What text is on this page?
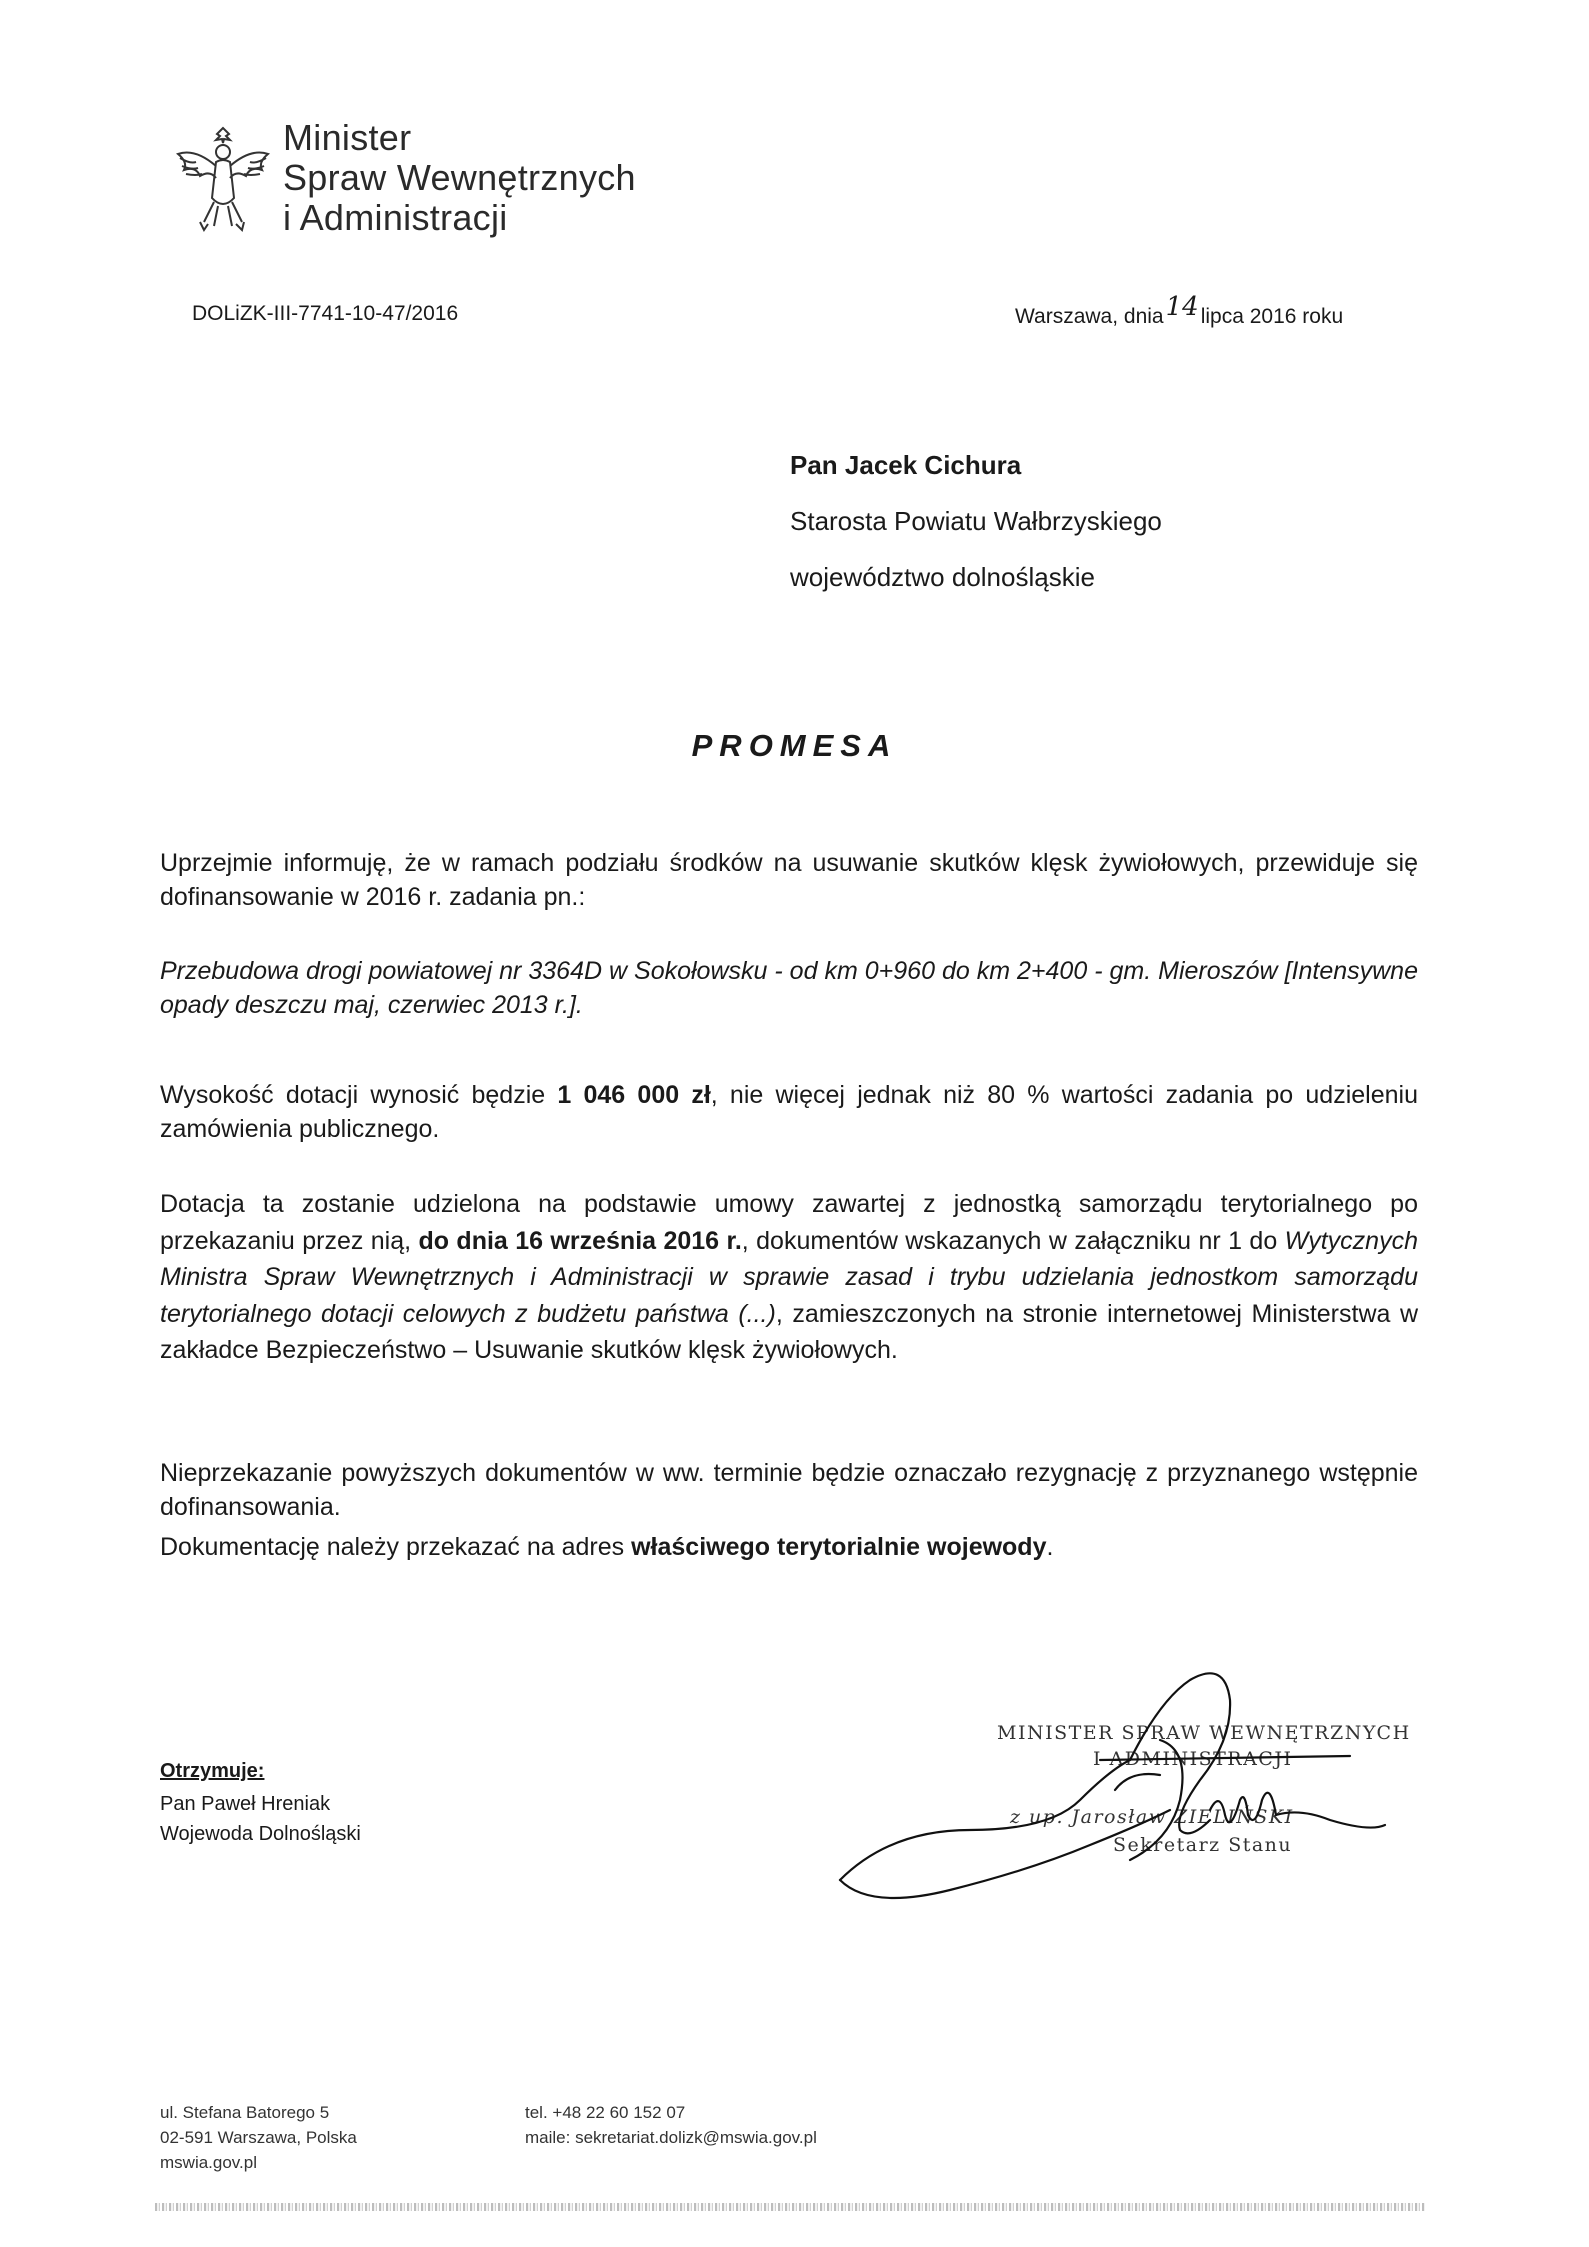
Minister
Spraw Wewnętrznych
i Administracji
DOLiZK-III-7741-10-47/2016	Warszawa, dnia14lipca 2016 roku
Pan Jacek Cichura
Starosta Powiatu Wałbrzyskiego
województwo dolnośląskie
PROMESA
Uprzejmie informuję, że w ramach podziału środków na usuwanie skutków klęsk żywiołowych, przewiduje się dofinansowanie w 2016 r. zadania pn.:
Przebudowa drogi powiatowej nr 3364D w Sokołowsku - od km 0+960 do km 2+400 - gm. Mieroszów [Intensywne opady deszczu maj, czerwiec 2013 r.].
Wysokość dotacji wynosić będzie 1 046 000 zł, nie więcej jednak niż 80 % wartości zadania po udzieleniu zamówienia publicznego.
Dotacja ta zostanie udzielona na podstawie umowy zawartej z jednostką samorządu terytorialnego po przekazaniu przez nią, do dnia 16 września 2016 r., dokumentów wskazanych w załączniku nr 1 do Wytycznych Ministra Spraw Wewnętrznych i Administracji w sprawie zasad i trybu udzielania jednostkom samorządu terytorialnego dotacji celowych z budżetu państwa (...), zamieszczonych na stronie internetowej Ministerstwa w zakładce Bezpieczeństwo – Usuwanie skutków klęsk żywiołowych.
Nieprzekazanie powyższych dokumentów w ww. terminie będzie oznaczało rezygnację z przyznanego wstępnie dofinansowania.
Dokumentację należy przekazać na adres właściwego terytorialnie wojewody.
Otrzymuje:
Pan Paweł Hreniak
Wojewoda Dolnośląski
MINISTER SPRAW WEWNĘTRZNYCH
I ADMINISTRACJI
z up. Jarosław ZIELIŃSKI
Sekretarz Stanu
ul. Stefana Batorego 5
02-591 Warszawa, Polska
mswia.gov.pl
tel. +48 22 60 152 07
maile: sekretariat.dolizk@mswia.gov.pl
